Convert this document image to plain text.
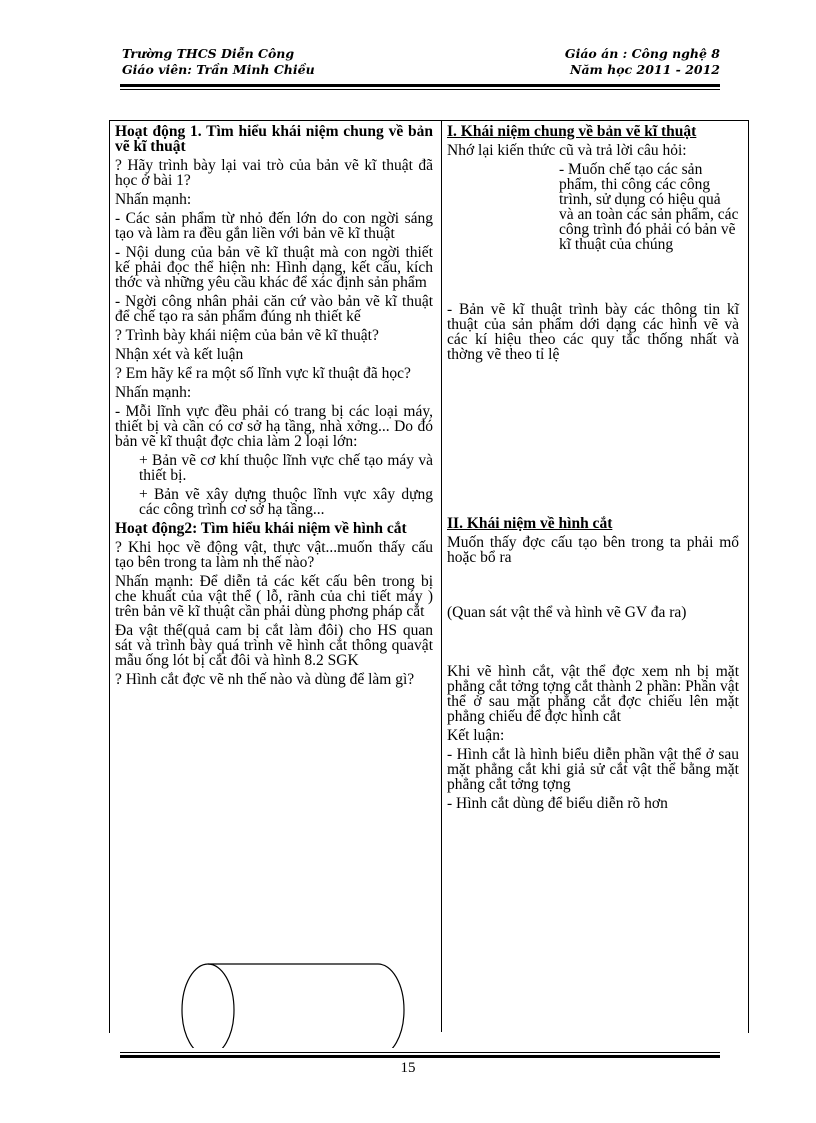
Trường THCS Diễn Công
Giáo viên: Trần Minh Chiều
Giáo án : Công nghệ 8
Năm học 2011 - 2012

Hoạt động 1. Tìm hiểu khái niệm chung về bản vẽ kĩ thuật

? Hãy trình bày lại vai trò của bản vẽ kĩ thuật đã học ở bài 1?

Nhấn mạnh:

- Các sản phẩm từ nhỏ đến lớn do con ngời sáng tạo và làm ra đều gắn liền với bản vẽ kĩ thuật

- Nội dung của bản vẽ kĩ thuật mà con ngời thiết kế phải đọc thể hiện nh: Hình dạng, kết cấu, kích thớc và những yêu cầu khác để xác định sản phẩm

- Ngời công nhân phải căn cứ vào bản vẽ kĩ thuật để chế tạo ra sản phẩm đúng nh thiết kế

? Trình bày khái niệm của bản vẽ kĩ thuật?

Nhận xét và kết luận

? Em hãy kể ra một số lĩnh vực kĩ thuật đã học?

Nhấn mạnh:

- Mỗi lĩnh vực đều phải có trang bị các loại máy, thiết bị và cần có cơ sở hạ tầng, nhà xởng... Do đó bản vẽ kĩ thuật đợc chia làm 2 loại lớn:

+ Bản vẽ cơ khí thuộc lĩnh vực chế tạo máy và thiết bị.

+ Bản vẽ xây dựng thuộc lĩnh vực xây dựng các công trình cơ sở hạ tầng...

Hoạt động2: Tìm hiểu khái niệm về hình cắt

? Khi học về động vật, thực vật...muốn thấy cấu tạo bên trong ta làm nh thế nào?

Nhấn mạnh: Để diễn tả các kết cấu bên trong bị che khuất của vật thể ( lỗ, rãnh của chi tiết máy ) trên bản vẽ kĩ thuật cần phải dùng phơng pháp cắt

Đa vật thể(quả cam bị cắt làm đôi) cho HS quan sát và trình bày quá trình vẽ hình cắt thông quavật mẫu ống lót bị cắt đôi và hình 8.2 SGK

? Hình cắt đợc vẽ nh thế nào và dùng để làm gì?

I. Khái niệm chung về bản vẽ kĩ thuật

Nhớ lại kiến thức cũ và trả lời câu hỏi:

- Muốn chế tạo các sản phẩm, thi công các công trình, sử dụng có hiệu quả và an toàn các sản phẩm, các công trình đó phải có bản vẽ kĩ thuật của chúng

- Bản vẽ kĩ thuật trình bày các thông tin kĩ thuật của sản phẩm dới dạng các hình vẽ và các kí hiệu theo các quy tắc thống nhất và thờng vẽ theo tỉ lệ

II. Khái niệm về hình cắt

Muốn thấy đợc cấu tạo bên trong ta phải mổ hoặc bổ ra

(Quan sát vật thể và hình vẽ GV đa ra)

Khi vẽ hình cắt, vật thể đợc xem nh bị mặt phẳng cắt tởng tợng cắt thành 2 phần: Phần vật thể ở sau mặt phẳng cắt đợc chiếu lên mặt phẳng chiếu để đợc hình cắt

Kết luận:

- Hình cắt là hình biểu diễn phần vật thể ở sau mặt phẳng cắt khi giả sử cắt vật thể bằng mặt phẳng cắt tởng tợng

- Hình cắt dùng để biểu diễn rõ hơn

15
